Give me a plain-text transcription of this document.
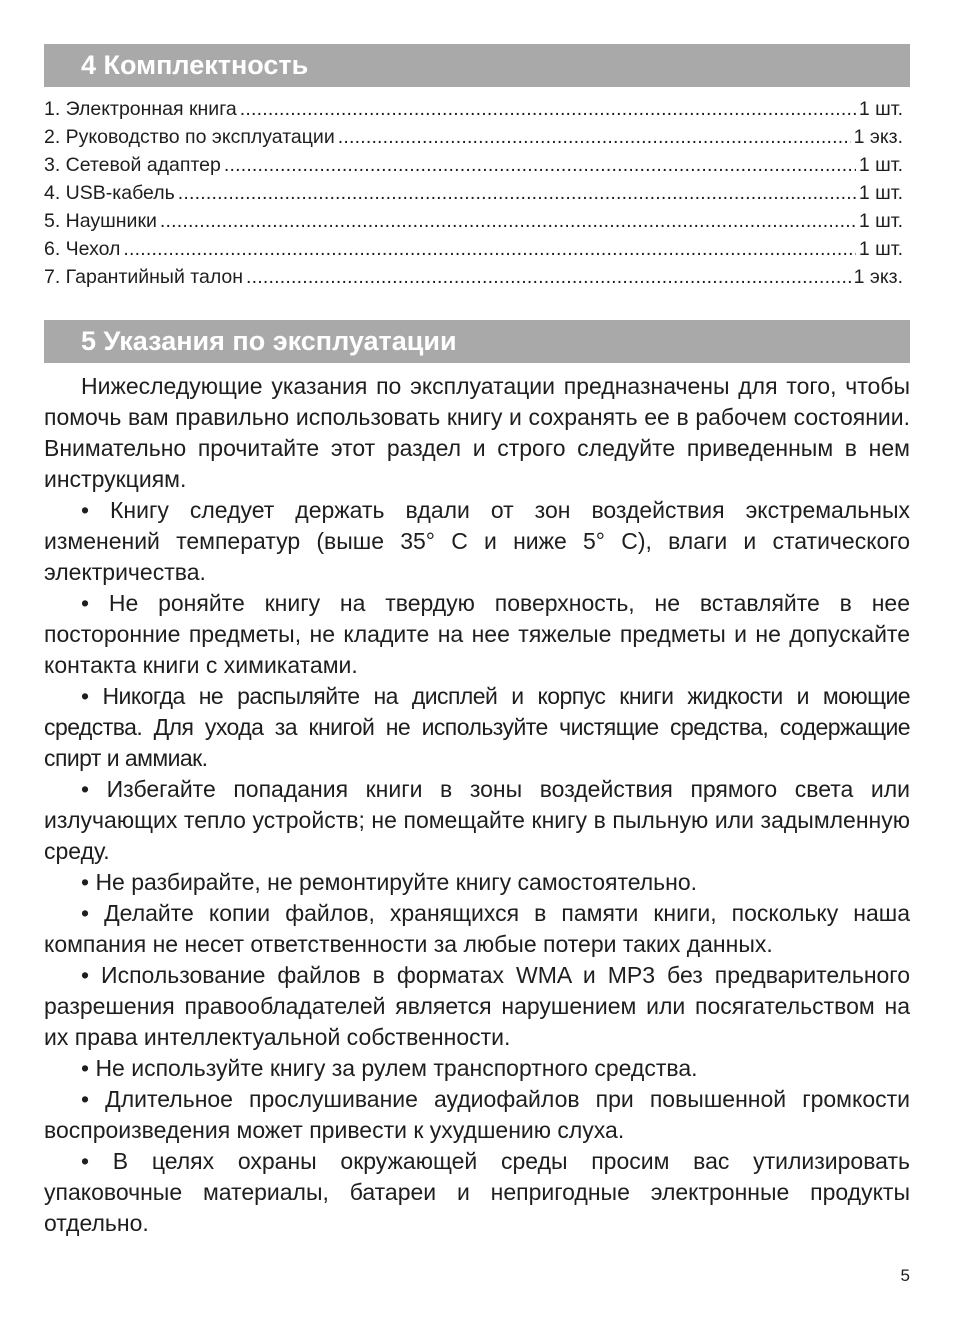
4 Комплектность
1. Электронная книга .....	1 шт.
2. Руководство по эксплуатации .....	1 экз.
3. Сетевой адаптер .....	1 шт.
4. USB-кабель .....	1 шт.
5. Наушники .....	1 шт.
6. Чехол .....	1 шт.
7. Гарантийный талон .....	1 экз.
5 Указания по эксплуатации

Нижеследующие указания по эксплуатации предназначены для того, чтобы помочь вам правильно использовать книгу и сохранять ее в рабочем состоянии. Внимательно прочитайте этот раздел и строго следуйте приведенным в нем инструкциям.

• Книгу следует держать вдали от зон воздействия экстремальных изменений температур (выше 35° С и ниже 5° С), влаги и статического электричества.

• Не роняйте книгу на твердую поверхность, не вставляйте в нее посторонние предметы, не кладите на нее тяжелые предметы и не допускайте контакта книги с химикатами.

• Никогда не распыляйте на дисплей и корпус книги жидкости и моющие средства. Для ухода за книгой не используйте чистящие средства, содержащие спирт и аммиак.

• Избегайте попадания книги в зоны воздействия прямого света или излучающих тепло устройств; не помещайте книгу в пыльную или задымленную среду.

• Не разбирайте, не ремонтируйте книгу самостоятельно.

• Делайте копии файлов, хранящихся в памяти книги, поскольку наша компания не несет ответственности за любые потери таких данных.

• Использование файлов в форматах WMA и MP3 без предварительного разрешения правообладателей является нарушением или посягательством на их права интеллектуальной собственности.

• Не используйте книгу за рулем транспортного средства.

• Длительное прослушивание аудиофайлов при повышенной громкости воспроизведения может привести к ухудшению слуха.

• В целях охраны окружающей среды просим вас утилизировать упаковочные материалы, батареи и непригодные электронные продукты отдельно.

5
